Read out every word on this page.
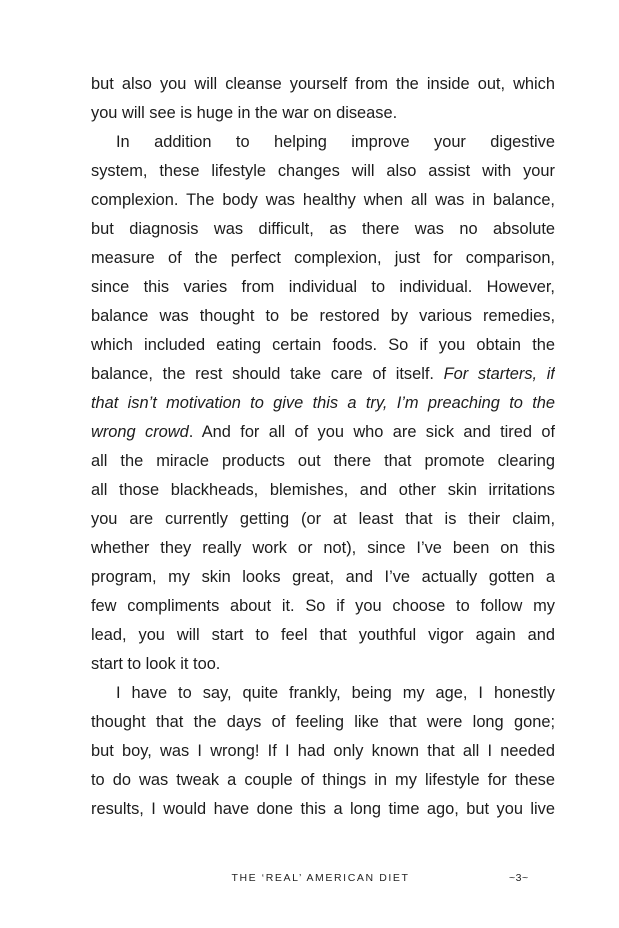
but also you will cleanse yourself from the inside out, which
you will see is huge in the war on disease.
In addition to helping improve your digestive
system, these lifestyle changes will also assist with your
complexion. The body was healthy when all was in balance,
but diagnosis was difficult, as there was no absolute
measure of the perfect complexion, just for comparison,
since this varies from individual to individual. However,
balance was thought to be restored by various remedies,
which included eating certain foods. So if you obtain the
balance, the rest should take care of itself. For starters, if
that isn’t motivation to give this a try, I’m preaching to the
wrong crowd. And for all of you who are sick and tired of
all the miracle products out there that promote clearing
all those blackheads, blemishes, and other skin irritations
you are currently getting (or at least that is their claim,
whether they really work or not), since I’ve been on this
program, my skin looks great, and I’ve actually gotten a
few compliments about it. So if you choose to follow my
lead, you will start to feel that youthful vigor again and
start to look it too.
I have to say, quite frankly, being my age, I honestly
thought that the days of feeling like that were long gone;
but boy, was I wrong! If I had only known that all I needed
to do was tweak a couple of things in my lifestyle for these
results, I would have done this a long time ago, but you live
THE ‘REAL’ AMERICAN DIET	~3~
